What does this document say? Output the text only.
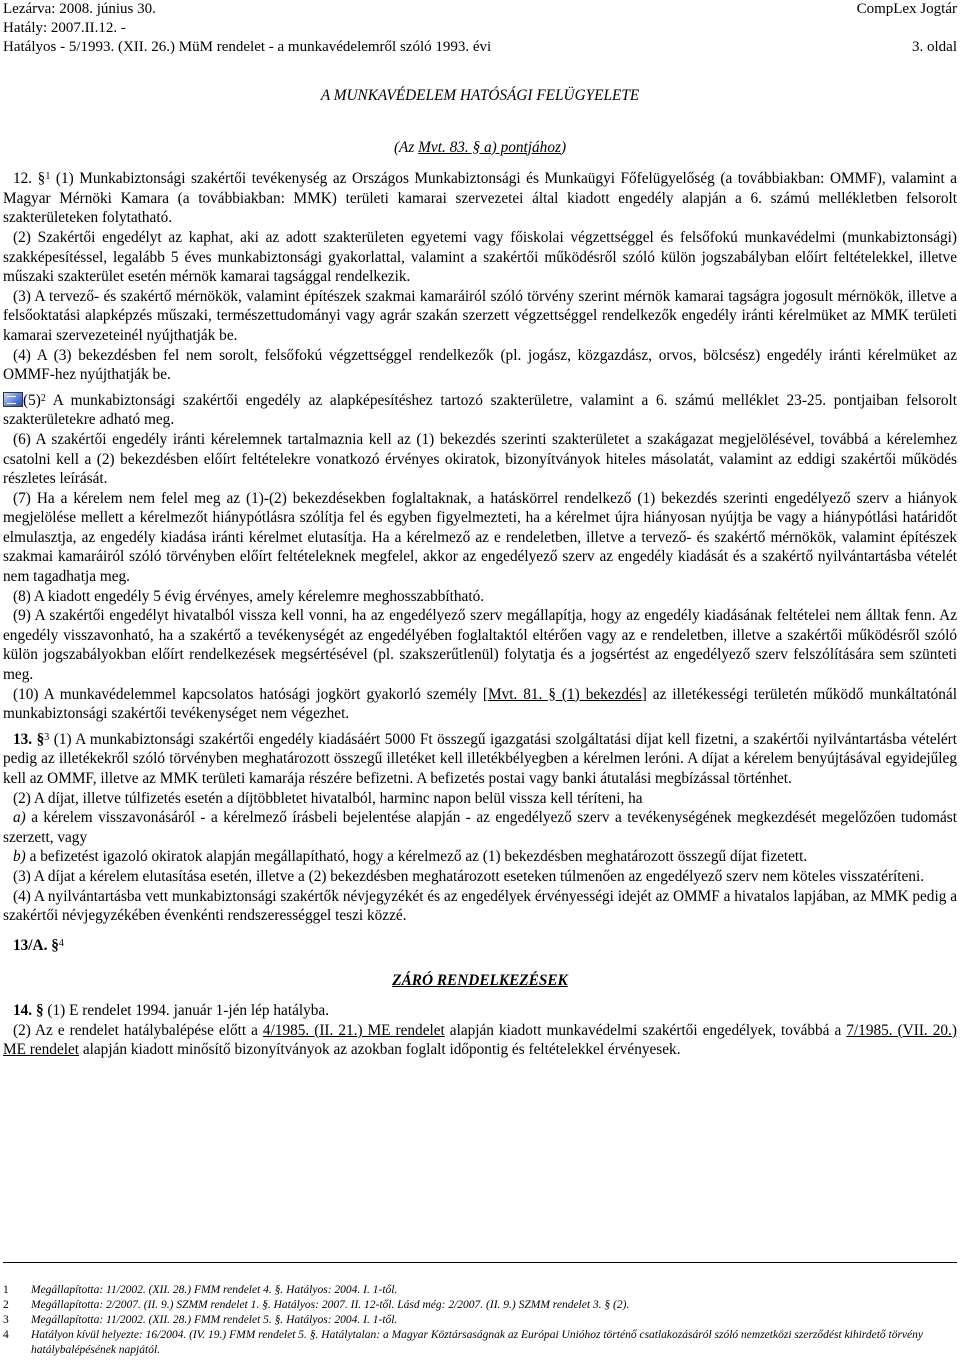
Lezárva: 2008. június 30.	CompLex Jogtár
Hatály: 2007.II.12. -
Hatályos - 5/1993. (XII. 26.) MüM rendelet - a munkavédelemről szóló 1993. évi	3. oldal
A MUNKAVÉDELEM HATÓSÁGI FELÜGYELETE
(Az Mvt. 83. § a) pontjához)

12. §$^1$ (1) Munkabiztonsági szakértői tevékenység az Országos Munkabiztonsági és Munkaügyi Főfelügyelőség (a továbbiakban: OMMF), valamint a Magyar Mérnöki Kamara (a továbbiakban: MMK) területi kamarai szervezetei által kiadott engedély alapján a 6. számú mellékletben felsorolt szakterületeken folytatható.

(2) Szakértői engedélyt az kaphat, aki az adott szakterületen egyetemi vagy főiskolai végzettséggel és felsőfokú munkavédelmi (munkabiztonsági) szakképesítéssel, legalább 5 éves munkabiztonsági gyakorlattal, valamint a szakértői működésről szóló külön jogszabályban előírt feltételekkel, illetve műszaki szakterület esetén mérnök kamarai tagsággal rendelkezik.

(3) A tervező- és szakértő mérnökök, valamint építészek szakmai kamaráiról szóló törvény szerint mérnök kamarai tagságra jogosult mérnökök, illetve a felsőoktatási alapképzés műszaki, természettudományi vagy agrár szakán szerzett végzettséggel rendelkezők engedély iránti kérelmüket az MMK területi kamarai szervezeteinél nyújthatják be.

(4) A (3) bekezdésben fel nem sorolt, felsőfokú végzettséggel rendelkezők (pl. jogász, közgazdász, orvos, bölcsész) engedély iránti kérelmüket az OMMF-hez nyújthatják be.

$(5)^2$ A munkabiztonsági szakértői engedély az alapképesítéshez tartozó szakterületre, valamint a 6. számú melléklet 23-25. pontjaiban felsorolt szakterületekre adható meg.

(6) A szakértői engedély iránti kérelemnek tartalmaznia kell az (1) bekezdés szerinti szakterületet a szakágazat megjelölésével, továbbá a kérelemhez csatolni kell a (2) bekezdésben előírt feltételekre vonatkozó érvényes okiratok, bizonyítványok hiteles másolatát, valamint az eddigi szakértői működés részletes leírását.

(7) Ha a kérelem nem felel meg az (1)-(2) bekezdésekben foglaltaknak, a hatáskörrel rendelkező (1) bekezdés szerinti engedélyező szerv a hiányok megjelölése mellett a kérelmezőt hiánypótlásra szólítja fel és egyben figyelmezteti, ha a kérelmet újra hiányosan nyújtja be vagy a hiánypótlási határidőt elmulasztja, az engedély kiadása iránti kérelmet elutasítja. Ha a kérelmező az e rendeletben, illetve a tervező- és szakértő mérnökök, valamint építészek szakmai kamaráiról szóló törvényben előírt feltételeknek megfelel, akkor az engedélyező szerv az engedély kiadását és a szakértő nyilvántartásba vételét nem tagadhatja meg.

(8) A kiadott engedély 5 évig érvényes, amely kérelemre meghosszabbítható.

(9) A szakértői engedélyt hivatalból vissza kell vonni, ha az engedélyező szerv megállapítja, hogy az engedély kiadásának feltételei nem álltak fenn. Az engedély visszavonható, ha a szakértő a tevékenységét az engedélyében foglaltaktól eltérően vagy az e rendeletben, illetve a szakértői működésről szóló külön jogszabályokban előírt rendelkezések megsértésével (pl. szakszerűtlenül) folytatja és a jogsértést az engedélyező szerv felszólítására sem szünteti meg.

(10) A munkavédelemmel kapcsolatos hatósági jogkört gyakorló személy [Mvt. 81. § (1) bekezdés] az illetékességi területén működő munkáltatónál munkabiztonsági szakértői tevékenységet nem végezhet.

13. §$^3$ (1) A munkabiztonsági szakértői engedély kiadásáért 5000 Ft összegű igazgatási szolgáltatási díjat kell fizetni, a szakértői nyilvántartásba vételért pedig az illetékekről szóló törvényben meghatározott összegű illetéket kell illetékbélyegben a kérelmen leróni. A díjat a kérelem benyújtásával egyidejűleg kell az OMMF, illetve az MMK területi kamarája részére befizetni. A befizetés postai vagy banki átutalási megbízással történhet.

(2) A díjat, illetve túlfizetés esetén a díjtöbbletet hivatalból, harminc napon belül vissza kell téríteni, ha

a) a kérelem visszavonásáról - a kérelmező írásbeli bejelentése alapján - az engedélyező szerv a tevékenységének megkezdését megelőzően tudomást szerzett, vagy

b) a befizetést igazoló okiratok alapján megállapítható, hogy a kérelmező az (1) bekezdésben meghatározott összegű díjat fizetett.

(3) A díjat a kérelem elutasítása esetén, illetve a (2) bekezdésben meghatározott eseteken túlmenően az engedélyező szerv nem köteles visszatéríteni.

(4) A nyilvántartásba vett munkabiztonsági szakértők névjegyzékét és az engedélyek érvényességi idejét az OMMF a hivatalos lapjában, az MMK pedig a szakértői névjegyzékében évenkénti rendszerességgel teszi közzé.

13/A. §$^4$

ZÁRÓ RENDELKEZÉSEK

14. § (1) E rendelet 1994. január 1-jén lép hatályba.

(2) Az e rendelet hatálybalépése előtt a 4/1985. (II. 21.) ME rendelet alapján kiadott munkavédelmi szakértői engedélyek, továbbá a 7/1985. (VII. 20.) ME rendelet alapján kiadott minősítő bizonyítványok az azokban foglalt időpontig és feltételekkel érvényesek.

1 Megállapította: 11/2002. (XII. 28.) FMM rendelet 4. §. Hatályos: 2004. I. 1-től.
2 Megállapította: 2/2007. (II. 9.) SZMM rendelet 1. §. Hatályos: 2007. II. 12-től. Lásd még: 2/2007. (II. 9.) SZMM rendelet 3. § (2).
3 Megállapította: 11/2002. (XII. 28.) FMM rendelet 5. §. Hatályos: 2004. I. 1-től.
4 Hatályon kívül helyezte: 16/2004. (IV. 19.) FMM rendelet 5. §. Hatálytalan: a Magyar Köztársaságnak az Európai Unióhoz történő csatlakozásáról szóló nemzetközi szerződést kihirdető törvény hatálybalépésének napjától.
